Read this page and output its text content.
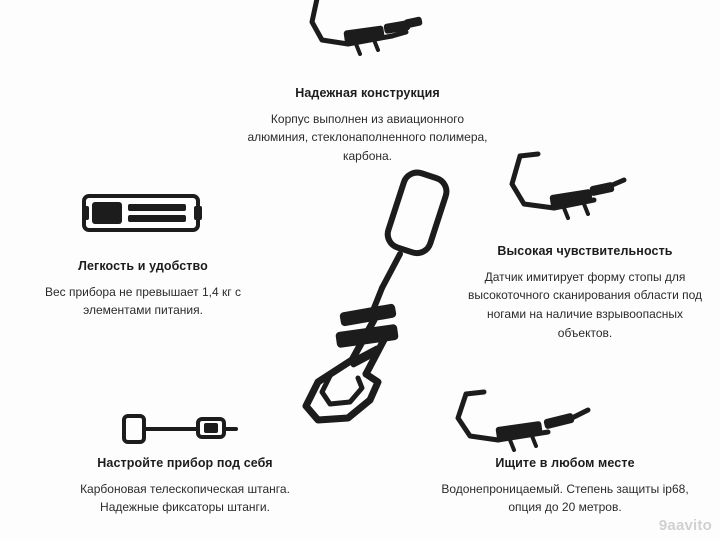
Надежная конструкция
Корпус выполнен из авиационного алюминия, стеклонаполненного полимера, карбона.
Легкость и удобство
Вес прибора не превышает 1,4 кг с элементами питания.
Высокая чувствительность
Датчик имитирует форму стопы для высокоточного сканирования области под ногами на наличие взрывоопасных объектов.
Настройте прибор под себя
Карбоновая телескопическая штанга. Надежные фиксаторы штанги.
Ищите в любом месте
Водонепроницаемый. Степень защиты ip68, опция до 20 метров.
9aavito
